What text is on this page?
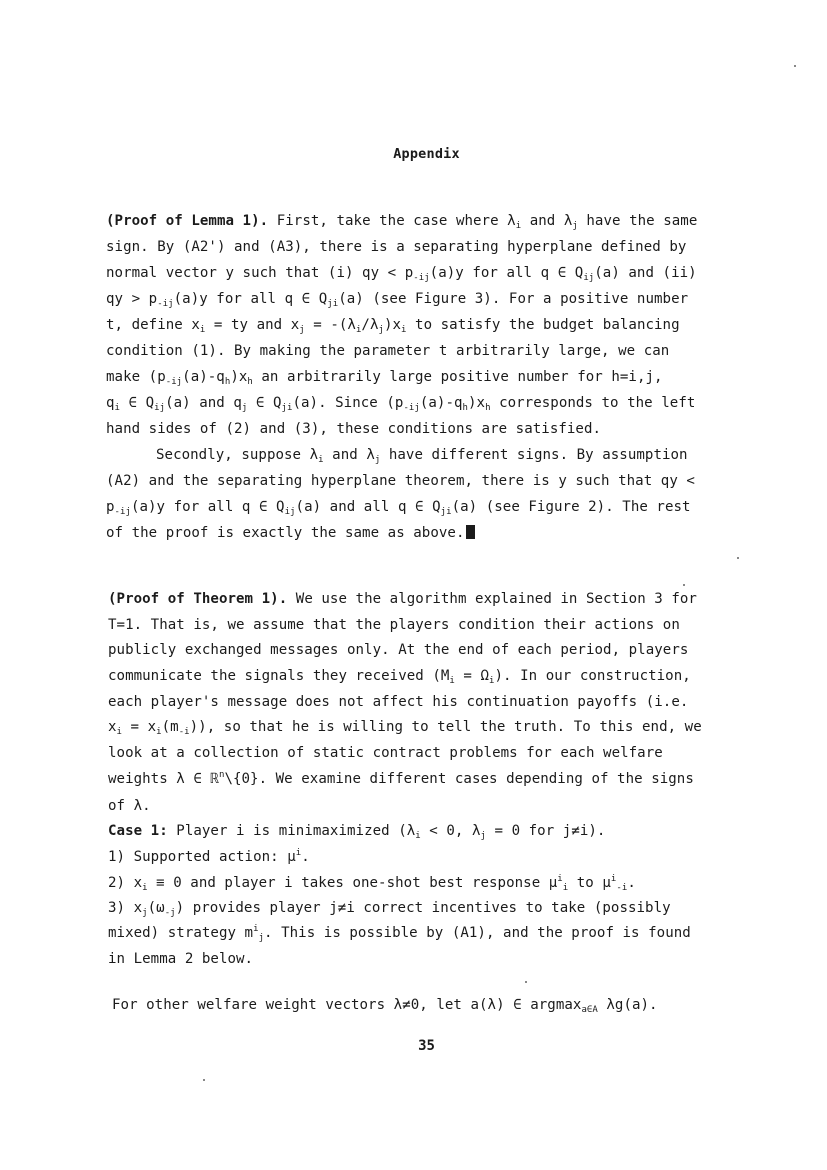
Appendix
(Proof of Lemma 1). First, take the case where $\lambda_i$ and $\lambda_j$ have the same
sign. By (A2') and (A3), there is a separating hyperplane defined by
normal vector y such that (i) qy < $p_{-ij}(a)y$ for all q ∈ $Q_{ij}(a)$ and (ii)
qy > $p_{-ij}(a)y$ for all q ∈ $Q_{ji}(a)$ (see Figure 3). For a positive number
t, define $x_i$ = ty and $x_j = -(\lambda_i/\lambda_j)x_i$ to satisfy the budget balancing
condition (1). By making the parameter t arbitrarily large, we can
make $(p_{-ij}(a)-q_h)x_h$ an arbitrarily large positive number for h=i,j,
$q_i$ ∈ $Q_{ij}(a)$ and $q_j$ ∈ $Q_{ji}(a)$. Since $(p_{-ij}(a)-q_h)x_h$ corresponds to the left
hand sides of (2) and (3), these conditions are satisfied.
Secondly, suppose $\lambda_i$ and $\lambda_j$ have different signs. By assumption
(A2) and the separating hyperplane theorem, there is y such that qy <
$p_{-ij}(a)y$ for all q ∈ $Q_{ij}(a)$ and all q ∈ $Q_{ji}(a)$ (see Figure 2). The rest
of the proof is exactly the same as above.
(Proof of Theorem 1). We use the algorithm explained in Section 3 for
T=1. That is, we assume that the players condition their actions on
publicly exchanged messages only. At the end of each period, players
communicate the signals they received $(M_i = \Omega_i)$. In our construction,
each player's message does not affect his continuation payoffs (i.e.
$x_i = x_i(m_{-i})$), so that he is willing to tell the truth. To this end, we
look at a collection of static contract problems for each welfare
weights λ ∈ ℝ$^n$\{0}. We examine different cases depending of the signs
of λ.
Case 1: Player i is minimaximized ($\lambda_i < 0$, $\lambda_j = 0$ for j≠i).
1) Supported action: $\mu^i$.
2) $x_i \equiv 0$ and player i takes one-shot best response $\mu^i_i$ to $\mu^i_{-i}$.
3) $x_j(\omega_{-j})$ provides player j≠i correct incentives to take (possibly
mixed) strategy $m^i_j$. This is possible by (A1), and the proof is found
in Lemma 2 below.
For other welfare weight vectors λ≠0, let a(λ) ∈ argmax$_{a\in A}$ λg(a).
35
